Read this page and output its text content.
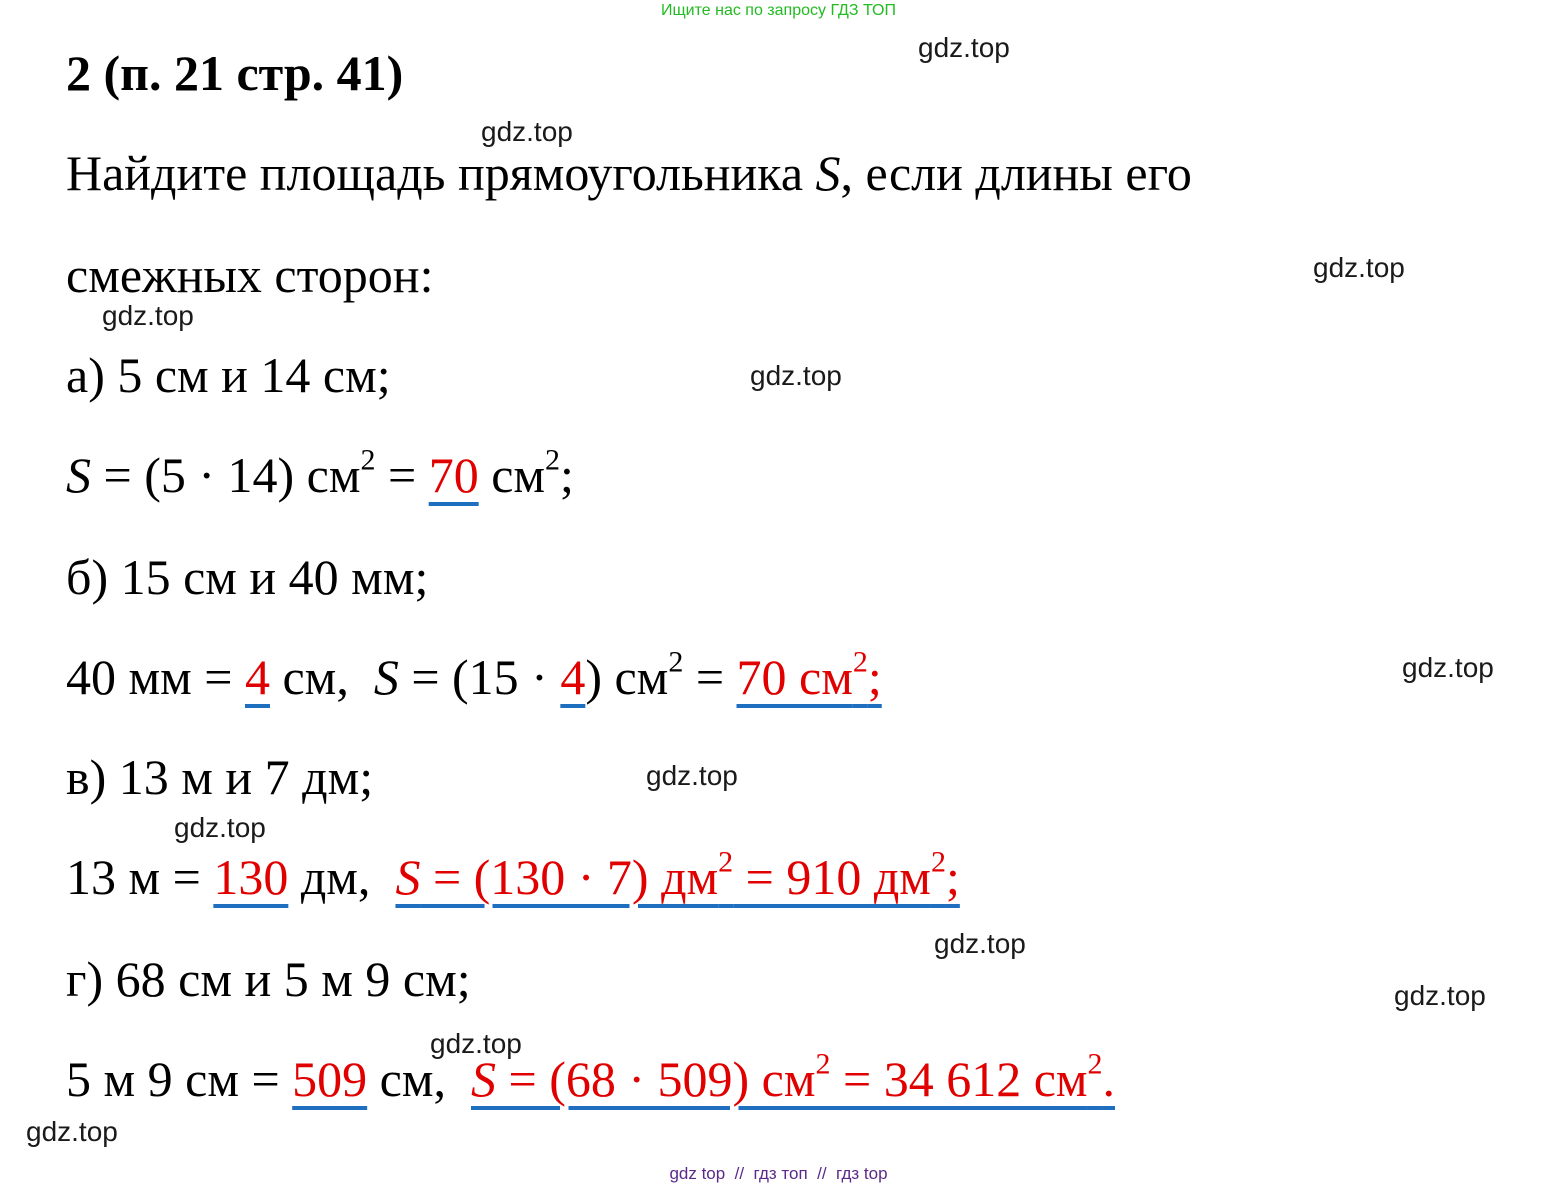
Ищите нас по запросу ГДЗ ТОП
2 (п. 21 стр. 41)
Найдите площадь прямоугольника S, если длины его
смежных сторон:
а) 5 см и 14 см;
S = (5 · 14) $см^2 = 70$ $см^2$;
б) 15 см и 40 мм;
40 мм = 4 см,  S = (15 · 4) $см^2 = 70$ $см^2$;
в) 13 м и 7 дм;
13 м = 130 дм,  S = (130 · 7) $дм^2 = 910$ $дм^2$;
г) 68 см и 5 м 9 см;
5 м 9 см = 509 см,  S = (68 · 509) $см^2 = 34$ 612 $см^2$.
gdz.top
gdz.top
gdz.top
gdz.top
gdz.top
gdz.top
gdz.top
gdz.top
gdz.top
gdz.top
gdz.top
gdz.top
gdz top  //  гдз топ  //  гдз top
